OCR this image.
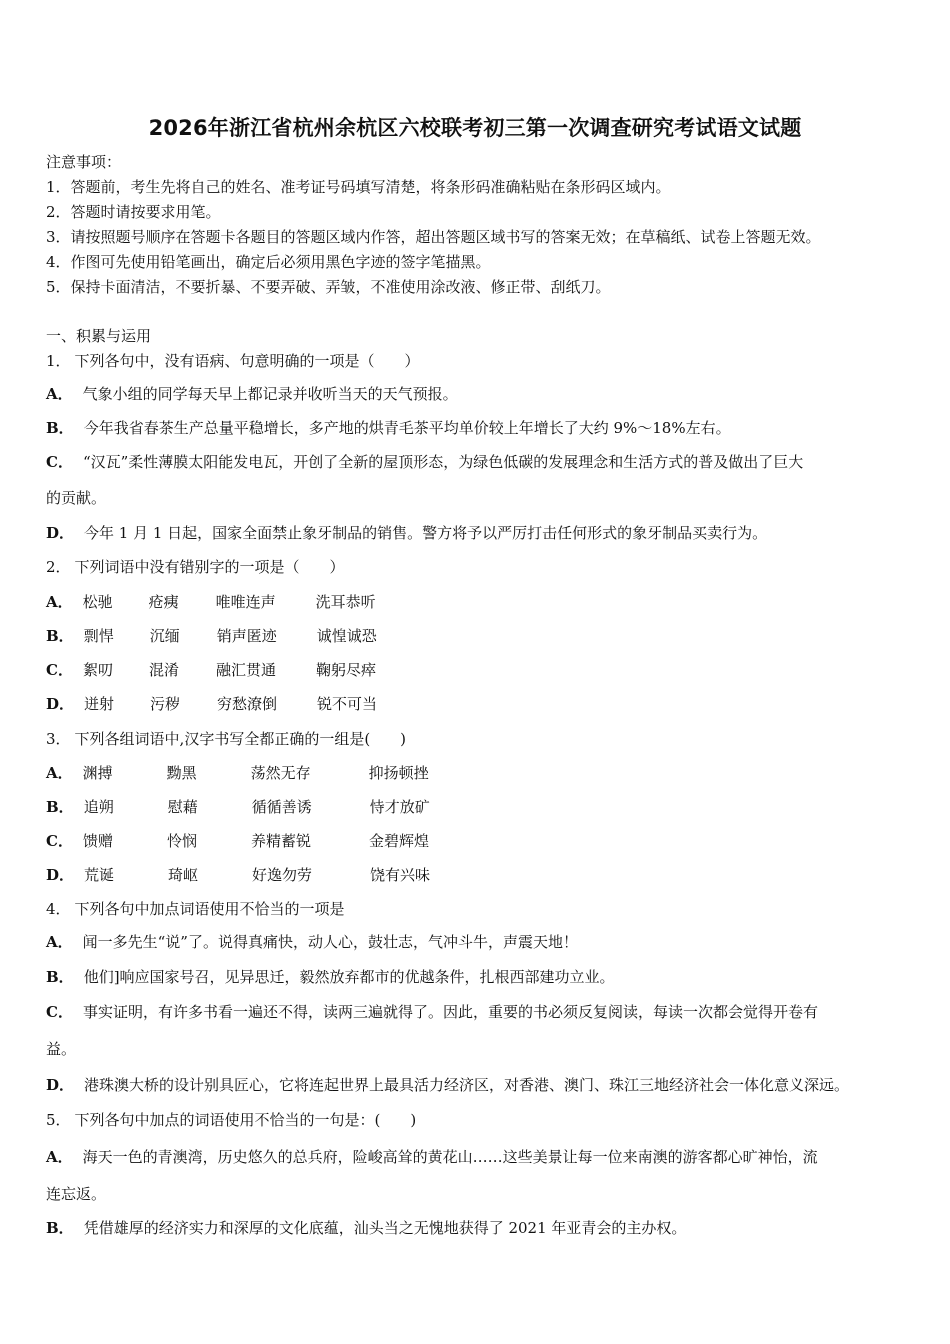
2026年浙江省杭州余杭区六校联考初三第一次调查研究考试语文试题
注意事项：
1．答题前，考生先将自己的姓名、准考证号码填写清楚，将条形码准确粘贴在条形码区域内。
2．答题时请按要求用笔。
3．请按照题号顺序在答题卡各题目的答题区域内作答，超出答题区域书写的答案无效；在草稿纸、试卷上答题无效。
4．作图可先使用铅笔画出，确定后必须用黑色字迹的签字笔描黑。
5．保持卡面清洁，不要折暴、不要弄破、弄皱，不准使用涂改液、修正带、刮纸刀。
一、积累与运用
1． 下列各句中，没有语病、句意明确的一项是（　　）
A． 气象小组的同学每天早上都记录并收听当天的天气预报。
B． 今年我省春茶生产总量平稳增长，多产地的烘青毛茶平均单价较上年增长了大约 9%～18%左右。
C． “汉瓦”柔性薄膜太阳能发电瓦，开创了全新的屋顶形态，为绿色低碳的发展理念和生活方式的普及做出了巨大
的贡献。
D． 今年 1 月 1 日起，国家全面禁止象牙制品的销售。警方将予以严厉打击任何形式的象牙制品买卖行为。
2． 下列词语中没有错别字的一项是（　　）
A． 松驰 疮痍 唯唯连声	洗耳恭听
B． 剽悍 沉缅 销声匿迹	诚惶诚恐
C． 絮叨 混淆 融汇贯通	鞠躬尽瘁
D． 迸射 污秽 穷愁潦倒	锐不可当
3． 下列各组词语中,汉字书写全都正确的一组是(　　)
A． 渊搏	黝黑	荡然无存	抑扬顿挫
B． 追朔	慰藉	循循善诱	恃才放矿
C． 馈赠	怜悯	养精蓄锐	金碧辉煌
D． 荒诞	琦岖	好逸勿劳	饶有兴味
4． 下列各句中加点词语使用不恰当的一项是
A． 闻一多先生“说”了。说得真痛快，动人心，鼓壮志，气冲斗牛，声震天地！
B． 他们]响应国家号召，见异思迁，毅然放弃都市的优越条件，扎根西部建功立业。
C． 事实证明，有许多书看一遍还不得，读两三遍就得了。因此，重要的书必须反复阅读，每读一次都会觉得开卷有
益。
D． 港珠澳大桥的设计别具匠心，它将连起世界上最具活力经济区，对香港、澳门、珠江三地经济社会一体化意义深远。
5． 下列各句中加点的词语使用不恰当的一句是：(　　)
A． 海天一色的青澳湾，历史悠久的总兵府，险峻高耸的黄花山……这些美景让每一位来南澳的游客都心旷神怡，流
连忘返。
B． 凭借雄厚的经济实力和深厚的文化底蕴，汕头当之无愧地获得了 2021 年亚青会的主办权。
